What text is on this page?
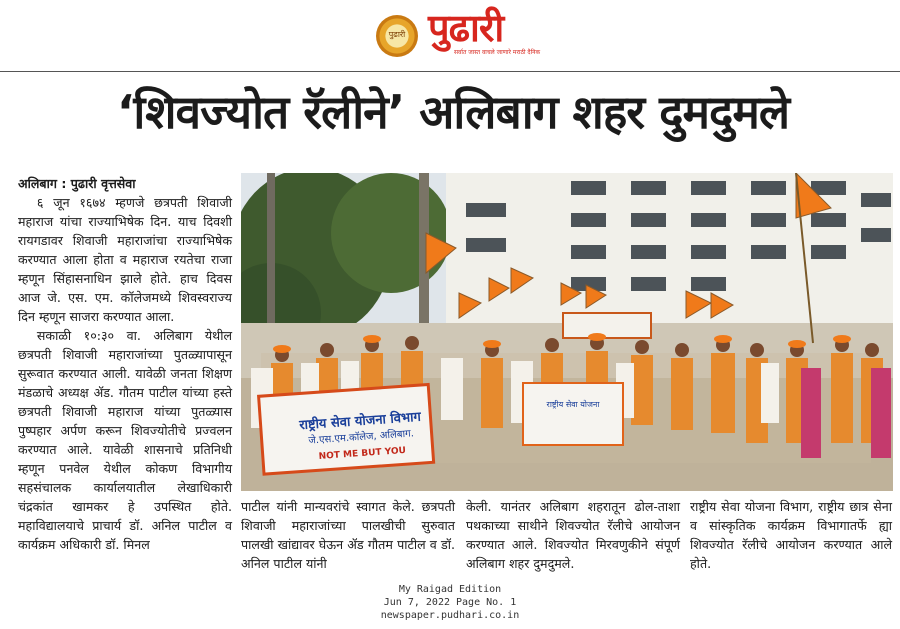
पुढारी पुढारी
सर्वात जास्त वाचले जाणारे मराठी दैनिक
‘शिवज्योत रॅलीने’ अलिबाग शहर दुमदुमले

अलिबाग : पुढारी वृत्तसेवा

६ जून १६७४ म्हणजे छत्रपती शिवाजी महाराज यांचा राज्याभिषेक दिन. याच दिवशी रायगडावर शिवाजी महाराजांचा राज्याभिषेक करण्यात आला होता व महाराज रयतेचा राजा म्हणून सिंहासनाधिन झाले होते. हाच दिवस आज जे. एस. एम. कॉलेजमध्ये शिवस्वराज्य दिन म्हणून साजरा करण्यात आला.

सकाळी १०:३० वा. अलिबाग येथील छत्रपती शिवाजी महाराजांच्या पुतळ्यापासून सुरूवात करण्यात आली. यावेळी जनता शिक्षण मंडळाचे अध्यक्ष ॲड. गौतम पाटील यांच्या हस्ते छत्रपती शिवाजी महाराज यांच्या पुतळ्यास पुष्पहार अर्पण करून शिवज्योतीचे प्रज्वलन करण्यात आले. यावेळी शासनाचे प्रतिनिधी म्हणून पनवेल येथील कोकण विभागीय सहसंचालक कार्यालयातील लेखाधिकारी चंद्रकांत खामकर हे उपस्थित होते. महाविद्यालयाचे प्राचार्य डॉ. अनिल पाटील व कार्यक्रम अधिकारी डॉ. मिनल

राष्ट्रीय सेवा योजना विभाग
जे.एस.एम.कॉलेज, अलिबाग.
NOT ME BUT YOU
राष्ट्रीय सेवा योजना

पाटील यांनी मान्यवरांचे स्वागत केले. छत्रपती शिवाजी महाराजांच्या पालखीची सुरुवात पालखी खांद्यावर घेऊन ॲड गौतम पाटील व डॉ. अनिल पाटील यांनी

केली. यानंतर अलिबाग शहरातून ढोल-ताशा पथकाच्या साथीने शिवज्योत रॅलीचे आयोजन करण्यात आले. शिवज्योत मिरवणुकीने संपूर्ण अलिबाग शहर दुमदुमले.

राष्ट्रीय सेवा योजना विभाग, राष्ट्रीय छात्र सेना व सांस्कृतिक कार्यक्रम विभागातर्फे ह्या शिवज्योत रॅलीचे आयोजन करण्यात आले होते.

My Raigad Edition
Jun 7, 2022 Page No. 1
newspaper.pudhari.co.in
